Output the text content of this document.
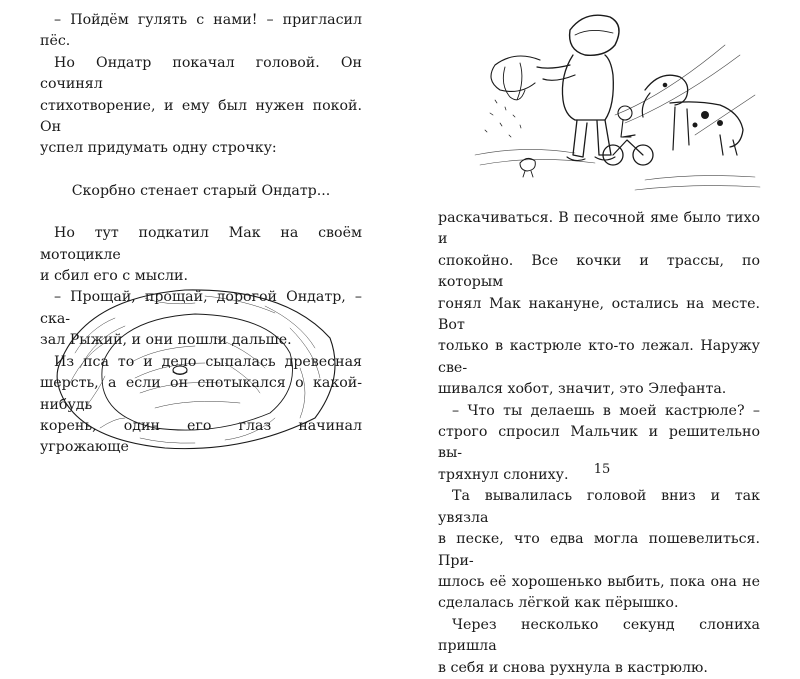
– Пойдём гулять с нами! – пригласил пёс.
Но Ондатр покачал головой. Он сочинял
стихотворение, и ему был нужен покой. Он
успел придумать одну строчку:
Скорбно стенает старый Ондатр...
Но тут подкатил Мак на своём мотоцикле
и сбил его с мысли.
– Прощай, прощай, дорогой Ондатр, – ска-
зал Рыжий, и они пошли дальше.
Из пса то и дело сыпалась древесная
шерсть, а если он спотыкался о какой-нибудь
корень, один его глаз начинал угрожающе
раскачиваться. В песочной яме было тихо и
спокойно. Все кочки и трассы, по которым
гонял Мак накануне, остались на месте. Вот
только в кастрюле кто-то лежал. Наружу све-
шивался хобот, значит, это Элефанта.
– Что ты делаешь в моей кастрюле? –
строго спросил Мальчик и решительно вы-
тряхнул слониху.
Та вывалилась головой вниз и так увязла
в песке, что едва могла пошевелиться. При-
шлось её хорошенько выбить, пока она не
сделалась лёгкой как пёрышко.
Через несколько секунд слониха пришла
в себя и снова рухнула в кастрюлю.
15
